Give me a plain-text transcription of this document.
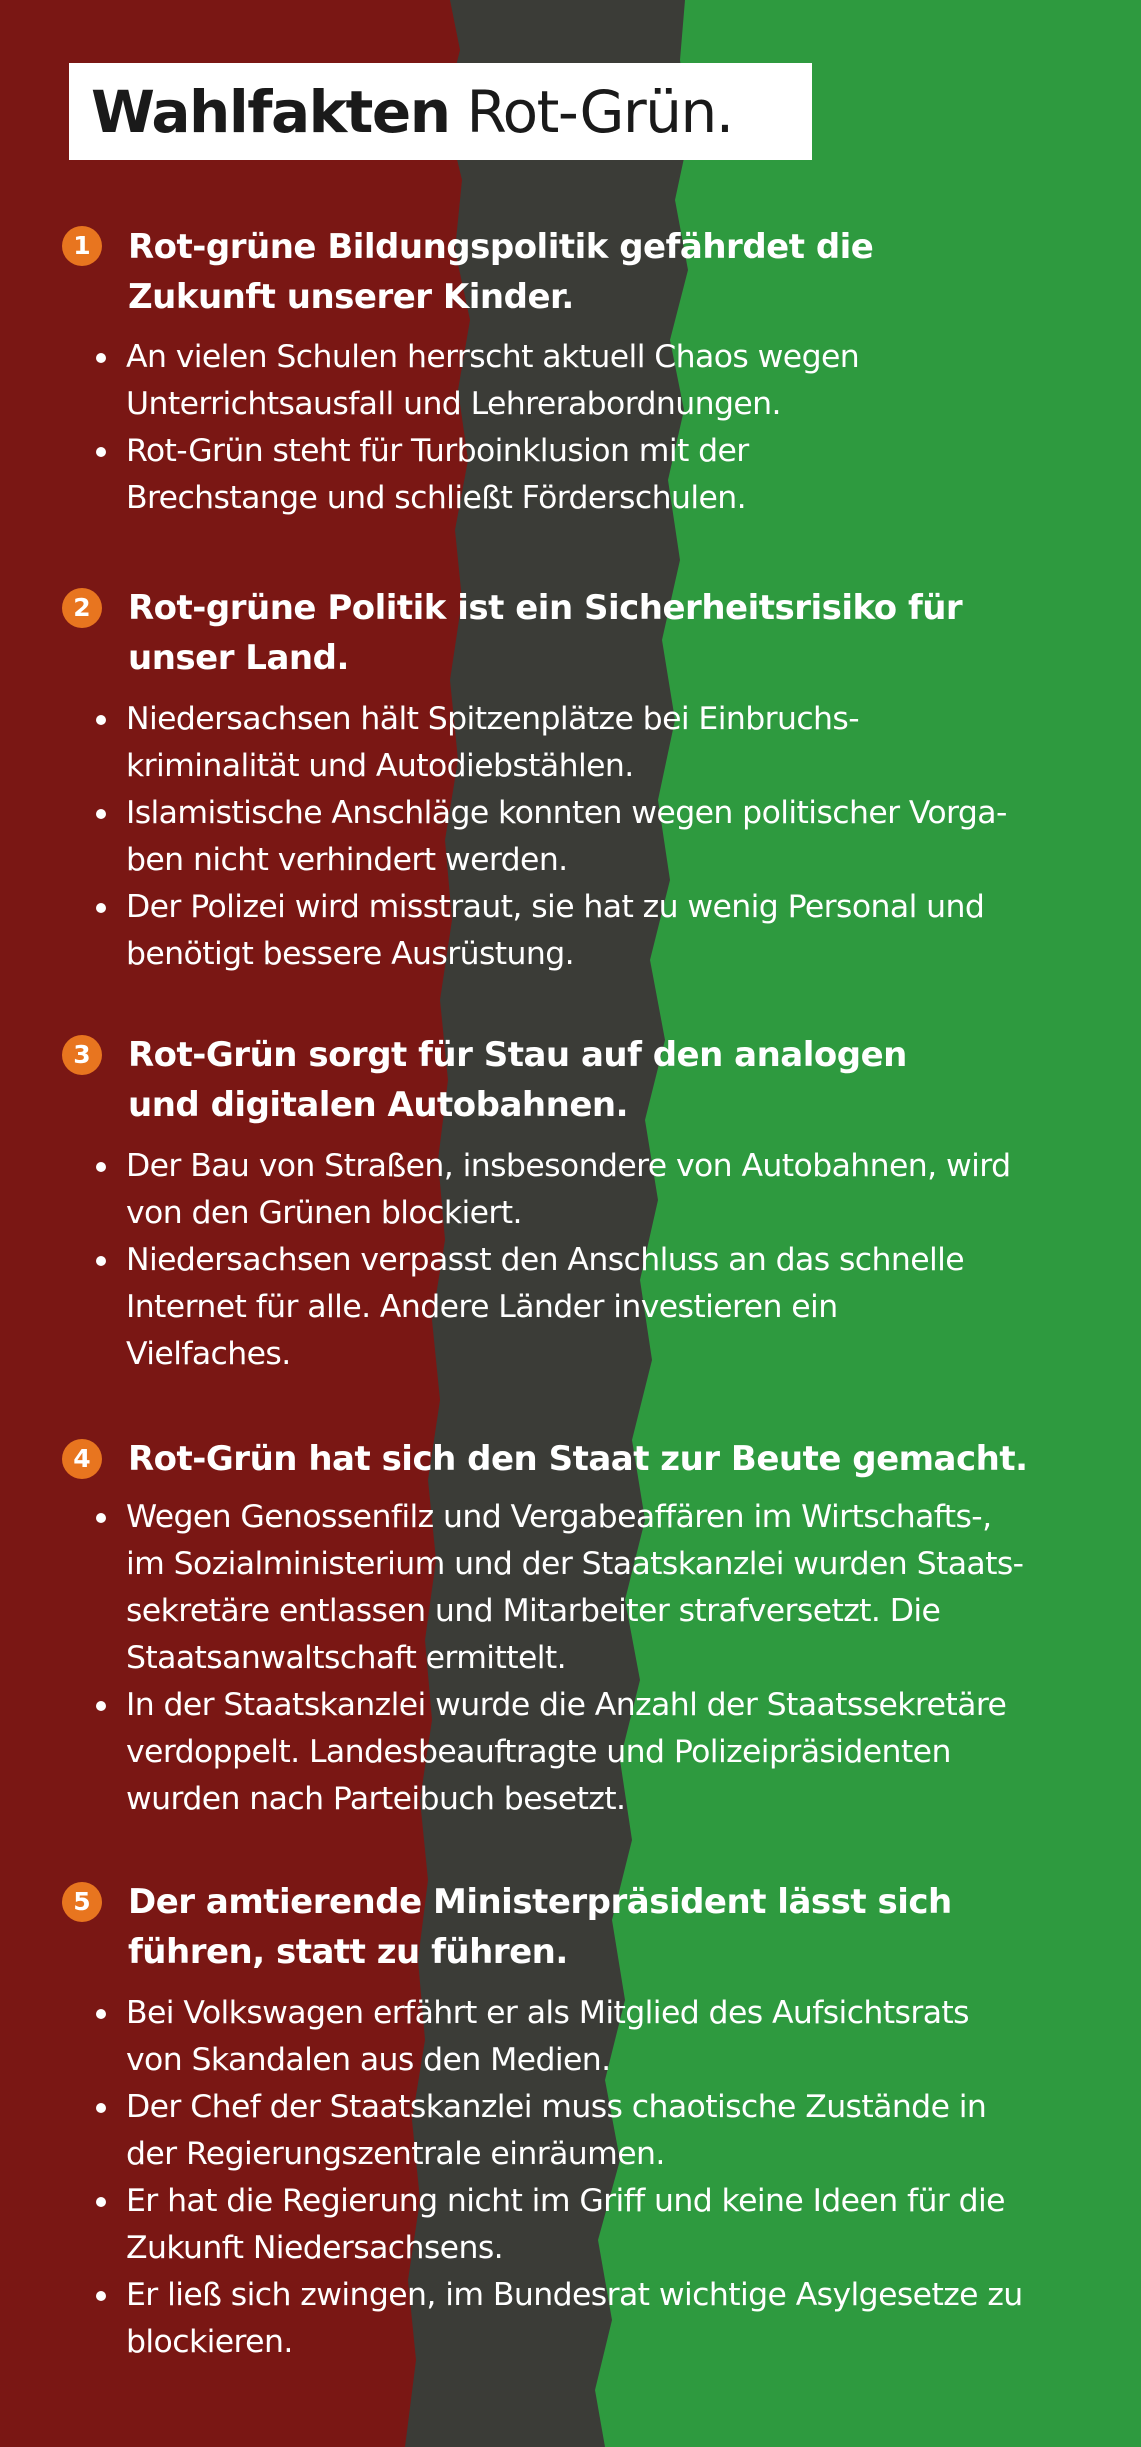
Wahlfakten
Rot-Grün.
1	Rot-grüne Bildungspolitik gefährdet die
Zukunft unserer Kinder.
An vielen Schulen herrscht aktuell Chaos wegen
Unterrichtsausfall und Lehrerabordnungen.
Rot-Grün steht für Turboinklusion mit der
Brechstange und schließt Förderschulen.
2	Rot-grüne Politik ist ein Sicherheitsrisiko für
unser Land.
Niedersachsen hält Spitzenplätze bei Einbruchs-
kriminalität und Autodiebstählen.
Islamistische Anschläge konnten wegen politischer Vorga-
ben nicht verhindert werden.
Der Polizei wird misstraut, sie hat zu wenig Personal und
benötigt bessere Ausrüstung.
3	Rot-Grün sorgt für Stau auf den analogen
und digitalen Autobahnen.
Der Bau von Straßen, insbesondere von Autobahnen, wird
von den Grünen blockiert.
Niedersachsen verpasst den Anschluss an das schnelle
Internet für alle. Andere Länder investieren ein
Vielfaches.
4	Rot-Grün hat sich den Staat zur Beute gemacht.
Wegen Genossenfilz und Vergabeaffären im Wirtschafts-,
im Sozialministerium und der Staatskanzlei wurden Staats-
sekretäre entlassen und Mitarbeiter strafversetzt. Die
Staatsanwaltschaft ermittelt.
In der Staatskanzlei wurde die Anzahl der Staatssekretäre
verdoppelt. Landesbeauftragte und Polizeipräsidenten
wurden nach Parteibuch besetzt.
5	Der amtierende Ministerpräsident lässt sich
führen, statt zu führen.
Bei Volkswagen erfährt er als Mitglied des Aufsichtsrats
von Skandalen aus den Medien.
Der Chef der Staatskanzlei muss chaotische Zustände in
der Regierungszentrale einräumen.
Er hat die Regierung nicht im Griff und keine Ideen für die
Zukunft Niedersachsens.
Er ließ sich zwingen, im Bundesrat wichtige Asylgesetze zu
blockieren.
